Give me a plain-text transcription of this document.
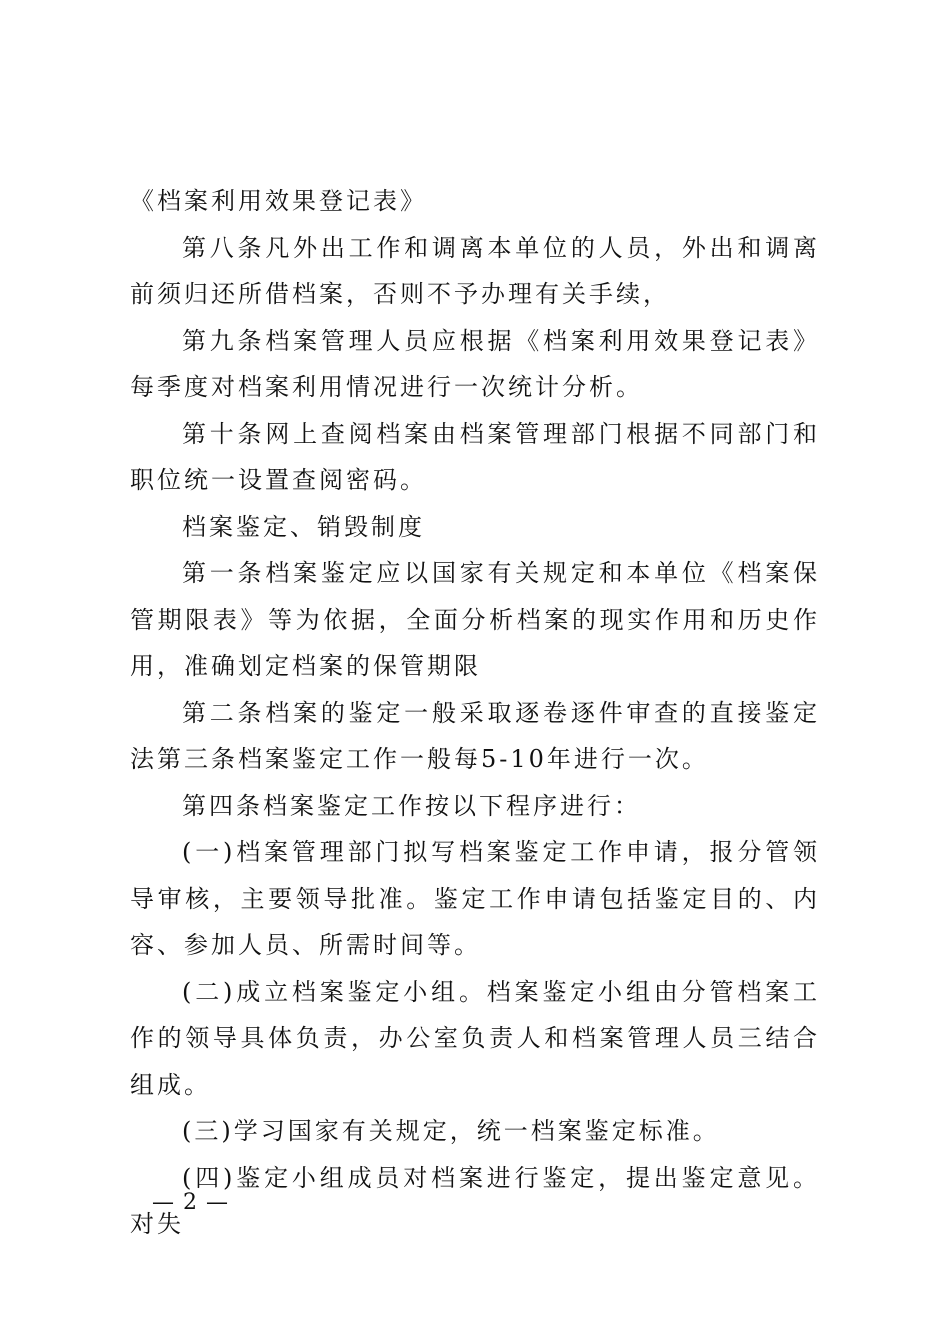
《档案利用效果登记表》

第八条凡外出工作和调离本单位的人员，外出和调离前须归还所借档案，否则不予办理有关手续，

第九条档案管理人员应根据《档案利用效果登记表》每季度对档案利用情况进行一次统计分析。

第十条网上查阅档案由档案管理部门根据不同部门和职位统一设置查阅密码。

档案鉴定、销毁制度

第一条档案鉴定应以国家有关规定和本单位《档案保管期限表》等为依据，全面分析档案的现实作用和历史作用，准确划定档案的保管期限

第二条档案的鉴定一般采取逐卷逐件审查的直接鉴定法第三条档案鉴定工作一般每5-10年进行一次。

第四条档案鉴定工作按以下程序进行：

(一)档案管理部门拟写档案鉴定工作申请，报分管领导审核，主要领导批准。鉴定工作申请包括鉴定目的、内容、参加人员、所需时间等。

(二)成立档案鉴定小组。档案鉴定小组由分管档案工作的领导具体负责，办公室负责人和档案管理人员三结合组成。

(三)学习国家有关规定，统一档案鉴定标准。

(四)鉴定小组成员对档案进行鉴定，提出鉴定意见。对失

— 2 —
